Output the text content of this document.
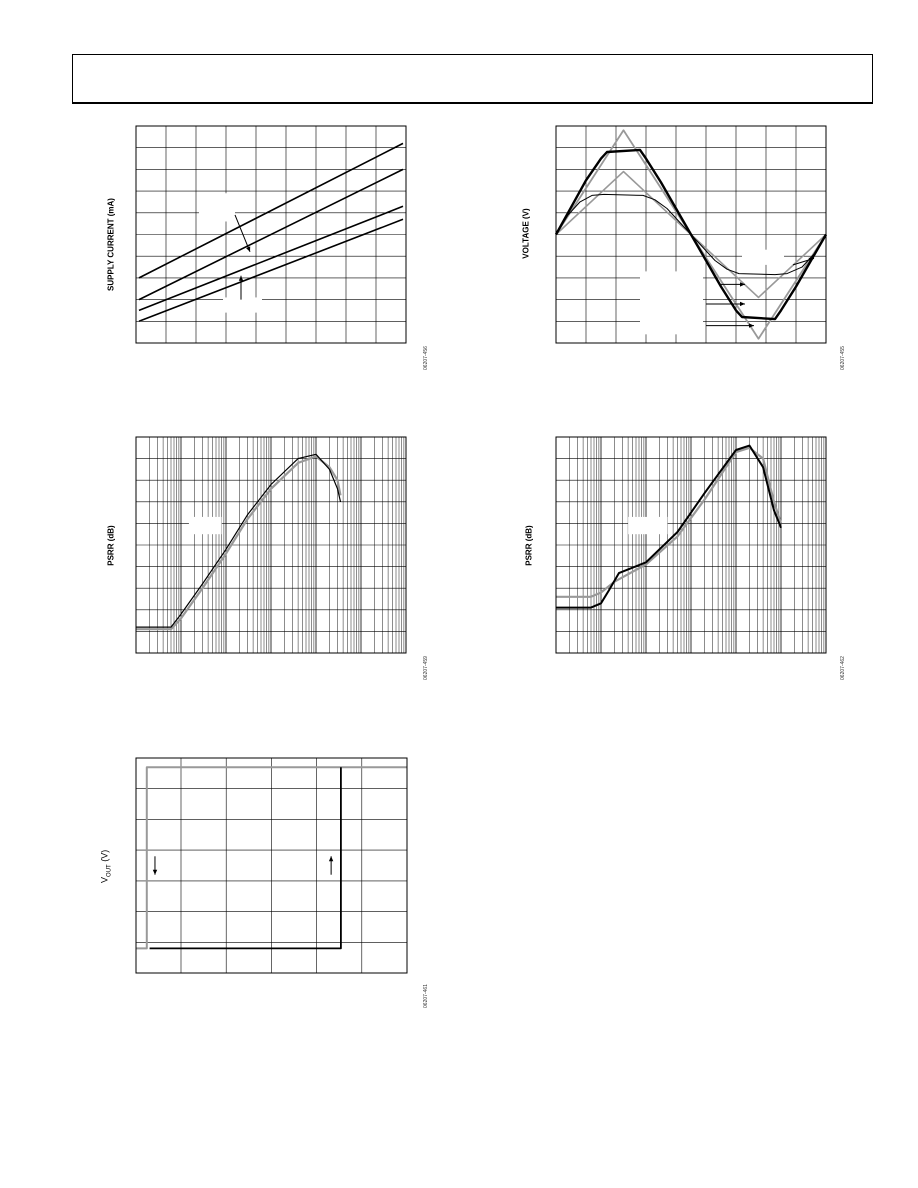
SUPPLY CURRENT (mA)
06207-456
VOLTAGE (V)
06207-455
PSRR (dB)
06207-459
PSRR (dB)
06207-462
$V_{OUT}$ (V)
06207-461
